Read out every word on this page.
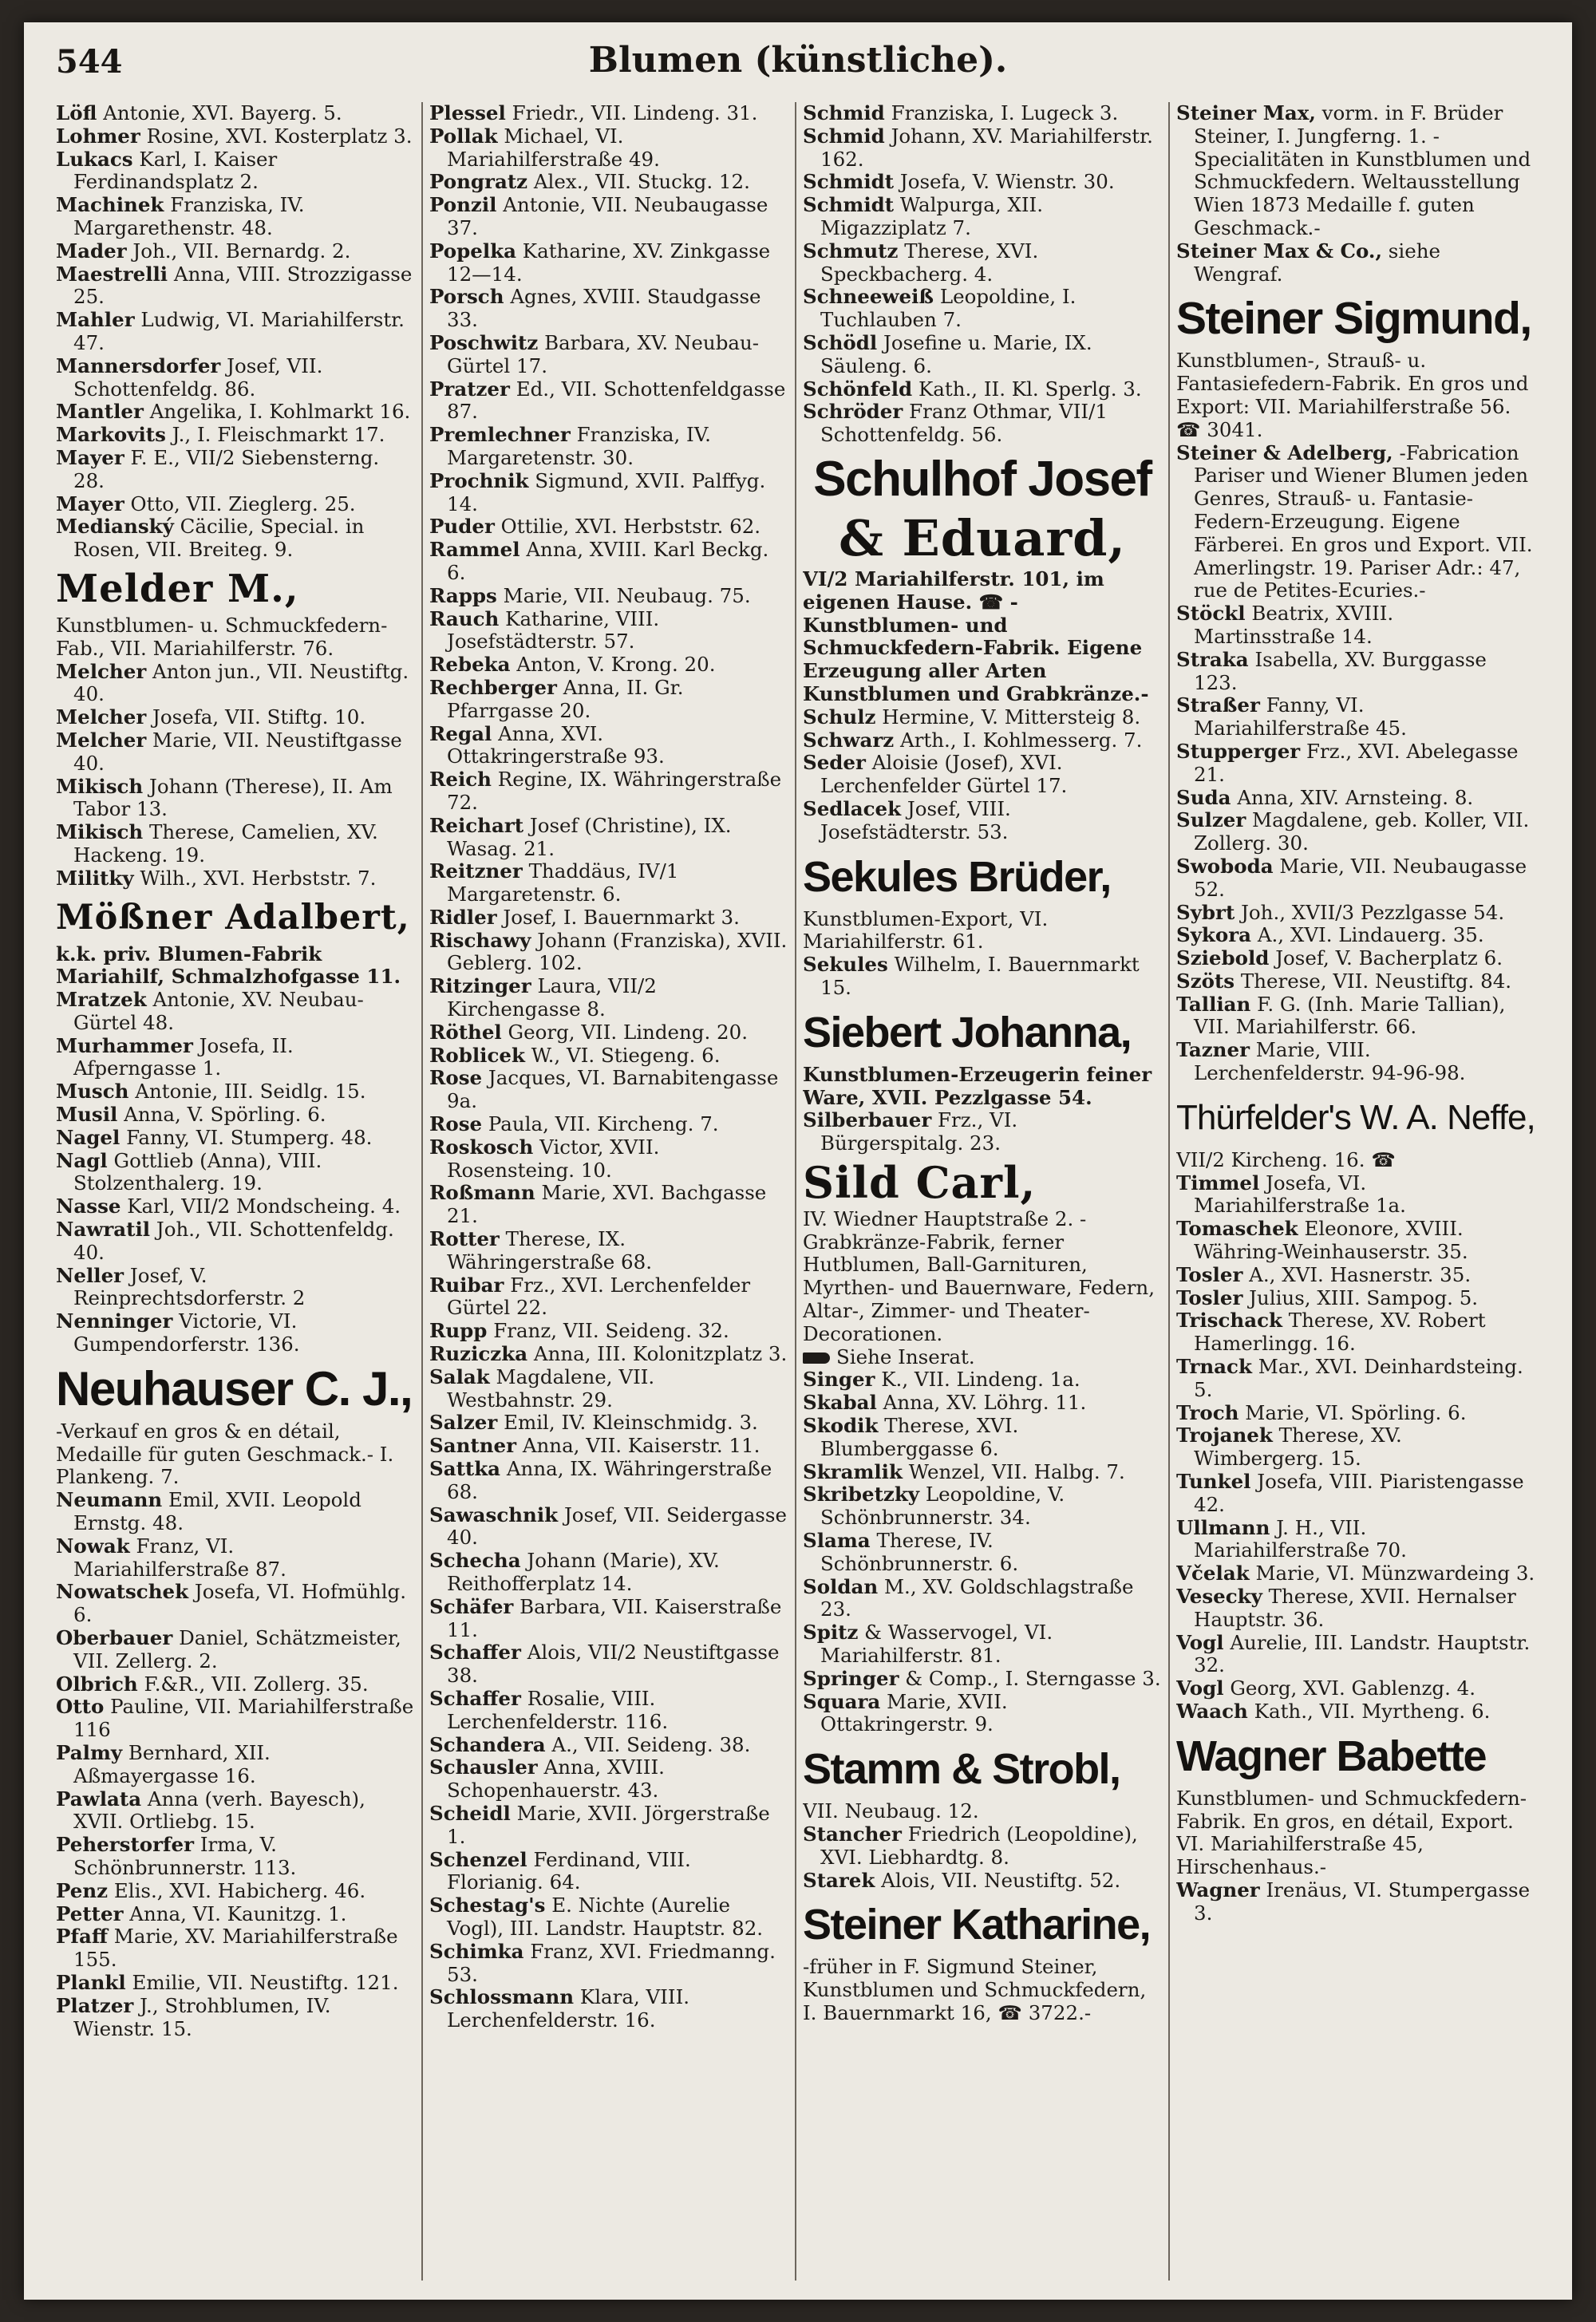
544	Blumen (künstliche).

Löfl Antonie, XVI. Bayerg. 5.

Lohmer Rosine, XVI. Kosterplatz 3.

Lukacs Karl, I. Kaiser Ferdinandsplatz 2.

Machinek Franziska, IV. Margarethenstr. 48.

Mader Joh., VII. Bernardg. 2.

Maestrelli Anna, VIII. Strozzigasse 25.

Mahler Ludwig, VI. Mariahilferstr. 47.

Mannersdorfer Josef, VII. Schottenfeldg. 86.

Mantler Angelika, I. Kohlmarkt 16.

Markovits J., I. Fleischmarkt 17.

Mayer F. E., VII/2 Siebensterng. 28.

Mayer Otto, VII. Zieglerg. 25.

Medianský Cäcilie, Special. in Rosen, VII. Breiteg. 9.

Melder M.,

Kunstblumen- u. Schmuckfedern-Fab., VII. Mariahilferstr. 76.

Melcher Anton jun., VII. Neustiftg. 40.

Melcher Josefa, VII. Stiftg. 10.

Melcher Marie, VII. Neustiftgasse 40.

Mikisch Johann (Therese), II. Am Tabor 13.

Mikisch Therese, Camelien, XV. Hackeng. 19.

Militky Wilh., XVI. Herbststr. 7.

Mößner Adalbert,

k.k. priv. Blumen-Fabrik Mariahilf, Schmalzhofgasse 11.

Mratzek Antonie, XV. Neubau-Gürtel 48.

Murhammer Josefa, II. Afperngasse 1.

Musch Antonie, III. Seidlg. 15.

Musil Anna, V. Spörling. 6.

Nagel Fanny, VI. Stumperg. 48.

Nagl Gottlieb (Anna), VIII. Stolzenthalerg. 19.

Nasse Karl, VII/2 Mondscheing. 4.

Nawratil Joh., VII. Schottenfeldg. 40.

Neller Josef, V. Reinprechtsdorferstr. 2

Nenninger Victorie, VI. Gumpendorferstr. 136.

Neuhauser C. J.,

-Verkauf en gros & en détail, Medaille für guten Geschmack.- I. Plankeng. 7.

Neumann Emil, XVII. Leopold Ernstg. 48.

Nowak Franz, VI. Mariahilferstraße 87.

Nowatschek Josefa, VI. Hofmühlg. 6.

Oberbauer Daniel, Schätzmeister, VII. Zellerg. 2.

Olbrich F.&R., VII. Zollerg. 35.

Otto Pauline, VII. Mariahilferstraße 116

Palmy Bernhard, XII. Aßmayergasse 16.

Pawlata Anna (verh. Bayesch), XVII. Ortliebg. 15.

Peherstorfer Irma, V. Schönbrunnerstr. 113.

Penz Elis., XVI. Habicherg. 46.

Petter Anna, VI. Kaunitzg. 1.

Pfaff Marie, XV. Mariahilferstraße 155.

Plankl Emilie, VII. Neustiftg. 121.

Platzer J., Strohblumen, IV. Wienstr. 15.

Plessel Friedr., VII. Lindeng. 31.

Pollak Michael, VI. Mariahilferstraße 49.

Pongratz Alex., VII. Stuckg. 12.

Ponzil Antonie, VII. Neubaugasse 37.

Popelka Katharine, XV. Zinkgasse 12—14.

Porsch Agnes, XVIII. Staudgasse 33.

Poschwitz Barbara, XV. Neubau-Gürtel 17.

Pratzer Ed., VII. Schottenfeldgasse 87.

Premlechner Franziska, IV. Margaretenstr. 30.

Prochnik Sigmund, XVII. Palffyg. 14.

Puder Ottilie, XVI. Herbststr. 62.

Rammel Anna, XVIII. Karl Beckg. 6.

Rapps Marie, VII. Neubaug. 75.

Rauch Katharine, VIII. Josefstädterstr. 57.

Rebeka Anton, V. Krong. 20.

Rechberger Anna, II. Gr. Pfarrgasse 20.

Regal Anna, XVI. Ottakringerstraße 93.

Reich Regine, IX. Währingerstraße 72.

Reichart Josef (Christine), IX. Wasag. 21.

Reitzner Thaddäus, IV/1 Margaretenstr. 6.

Ridler Josef, I. Bauernmarkt 3.

Rischawy Johann (Franziska), XVII. Geblerg. 102.

Ritzinger Laura, VII/2 Kirchengasse 8.

Röthel Georg, VII. Lindeng. 20.

Roblicek W., VI. Stiegeng. 6.

Rose Jacques, VI. Barnabitengasse 9a.

Rose Paula, VII. Kircheng. 7.

Roskosch Victor, XVII. Rosensteing. 10.

Roßmann Marie, XVI. Bachgasse 21.

Rotter Therese, IX. Währingerstraße 68.

Ruibar Frz., XVI. Lerchenfelder Gürtel 22.

Rupp Franz, VII. Seideng. 32.

Ruziczka Anna, III. Kolonitzplatz 3.

Salak Magdalene, VII. Westbahnstr. 29.

Salzer Emil, IV. Kleinschmidg. 3.

Santner Anna, VII. Kaiserstr. 11.

Sattka Anna, IX. Währingerstraße 68.

Sawaschnik Josef, VII. Seidergasse 40.

Schecha Johann (Marie), XV. Reithofferplatz 14.

Schäfer Barbara, VII. Kaiserstraße 11.

Schaffer Alois, VII/2 Neustiftgasse 38.

Schaffer Rosalie, VIII. Lerchenfelderstr. 116.

Schandera A., VII. Seideng. 38.

Schausler Anna, XVIII. Schopenhauerstr. 43.

Scheidl Marie, XVII. Jörgerstraße 1.

Schenzel Ferdinand, VIII. Florianig. 64.

Schestag's E. Nichte (Aurelie Vogl), III. Landstr. Hauptstr. 82.

Schimka Franz, XVI. Friedmanng. 53.

Schlossmann Klara, VIII. Lerchenfelderstr. 16.

Schmid Franziska, I. Lugeck 3.

Schmid Johann, XV. Mariahilferstr. 162.

Schmidt Josefa, V. Wienstr. 30.

Schmidt Walpurga, XII. Migazziplatz 7.

Schmutz Therese, XVI. Speckbacherg. 4.

Schneeweiß Leopoldine, I. Tuchlauben 7.

Schödl Josefine u. Marie, IX. Säuleng. 6.

Schönfeld Kath., II. Kl. Sperlg. 3.

Schröder Franz Othmar, VII/1 Schottenfeldg. 56.

Schulhof Josef
& Eduard,

VI/2 Mariahilferstr. 101, im eigenen Hause. ☎ -Kunstblumen- und Schmuckfedern-Fabrik. Eigene Erzeugung aller Arten Kunstblumen und Grabkränze.-

Schulz Hermine, V. Mittersteig 8.

Schwarz Arth., I. Kohlmesserg. 7.

Seder Aloisie (Josef), XVI. Lerchenfelder Gürtel 17.

Sedlacek Josef, VIII. Josefstädterstr. 53.

Sekules Brüder,

Kunstblumen-Export, VI. Mariahilferstr. 61.

Sekules Wilhelm, I. Bauernmarkt 15.

Siebert Johanna,

Kunstblumen-Erzeugerin feiner Ware, XVII. Pezzlgasse 54.

Silberbauer Frz., VI. Bürgerspitalg. 23.

Sild Carl,

IV. Wiedner Hauptstraße 2. -Grabkränze-Fabrik, ferner Hutblumen, Ball-Garnituren, Myrthen- und Bauernware, Federn, Altar-, Zimmer- und Theater-Decorationen.

Siehe Inserat.

Singer K., VII. Lindeng. 1a.

Skabal Anna, XV. Löhrg. 11.

Skodik Therese, XVI. Blumberggasse 6.

Skramlik Wenzel, VII. Halbg. 7.

Skribetzky Leopoldine, V. Schönbrunnerstr. 34.

Slama Therese, IV. Schönbrunnerstr. 6.

Soldan M., XV. Goldschlagstraße 23.

Spitz & Wasservogel, VI. Mariahilferstr. 81.

Springer & Comp., I. Sterngasse 3.

Squara Marie, XVII. Ottakringerstr. 9.

Stamm & Strobl,

VII. Neubaug. 12.

Stancher Friedrich (Leopoldine), XVI. Liebhardtg. 8.

Starek Alois, VII. Neustiftg. 52.

Steiner Katharine,

-früher in F. Sigmund Steiner, Kunstblumen und Schmuckfedern, I. Bauernmarkt 16, ☎ 3722.-

Steiner Max, vorm. in F. Brüder Steiner, I. Jungferng. 1. -Specialitäten in Kunstblumen und Schmuckfedern. Weltausstellung Wien 1873 Medaille f. guten Geschmack.-

Steiner Max & Co., siehe Wengraf.

Steiner Sigmund,

Kunstblumen-, Strauß- u. Fantasiefedern-Fabrik. En gros und Export: VII. Mariahilferstraße 56. ☎ 3041.

Steiner & Adelberg, -Fabrication Pariser und Wiener Blumen jeden Genres, Strauß- u. Fantasie-Federn-Erzeugung. Eigene Färberei. En gros und Export. VII. Amerlingstr. 19. Pariser Adr.: 47, rue de Petites-Ecuries.-

Stöckl Beatrix, XVIII. Martinsstraße 14.

Straka Isabella, XV. Burggasse 123.

Straßer Fanny, VI. Mariahilferstraße 45.

Stupperger Frz., XVI. Abelegasse 21.

Suda Anna, XIV. Arnsteing. 8.

Sulzer Magdalene, geb. Koller, VII. Zollerg. 30.

Swoboda Marie, VII. Neubaugasse 52.

Sybrt Joh., XVII/3 Pezzlgasse 54.

Sykora A., XVI. Lindauerg. 35.

Sziebold Josef, V. Bacherplatz 6.

Szöts Therese, VII. Neustiftg. 84.

Tallian F. G. (Inh. Marie Tallian), VII. Mariahilferstr. 66.

Tazner Marie, VIII. Lerchenfelderstr. 94-96-98.

Thürfelder's W. A. Neffe,

VII/2 Kircheng. 16. ☎

Timmel Josefa, VI. Mariahilferstraße 1a.

Tomaschek Eleonore, XVIII. Währing-Weinhauserstr. 35.

Tosler A., XVI. Hasnerstr. 35.

Tosler Julius, XIII. Sampog. 5.

Trischack Therese, XV. Robert Hamerlingg. 16.

Trnack Mar., XVI. Deinhardsteing. 5.

Troch Marie, VI. Spörling. 6.

Trojanek Therese, XV. Wimbergerg. 15.

Tunkel Josefa, VIII. Piaristengasse 42.

Ullmann J. H., VII. Mariahilferstraße 70.

Včelak Marie, VI. Münzwardeing 3.

Vesecky Therese, XVII. Hernalser Hauptstr. 36.

Vogl Aurelie, III. Landstr. Hauptstr. 32.

Vogl Georg, XVI. Gablenzg. 4.

Waach Kath., VII. Myrtheng. 6.

Wagner Babette

Kunstblumen- und Schmuckfedern-Fabrik. En gros, en détail, Export. VI. Mariahilferstraße 45, Hirschenhaus.-

Wagner Irenäus, VI. Stumpergasse 3.
